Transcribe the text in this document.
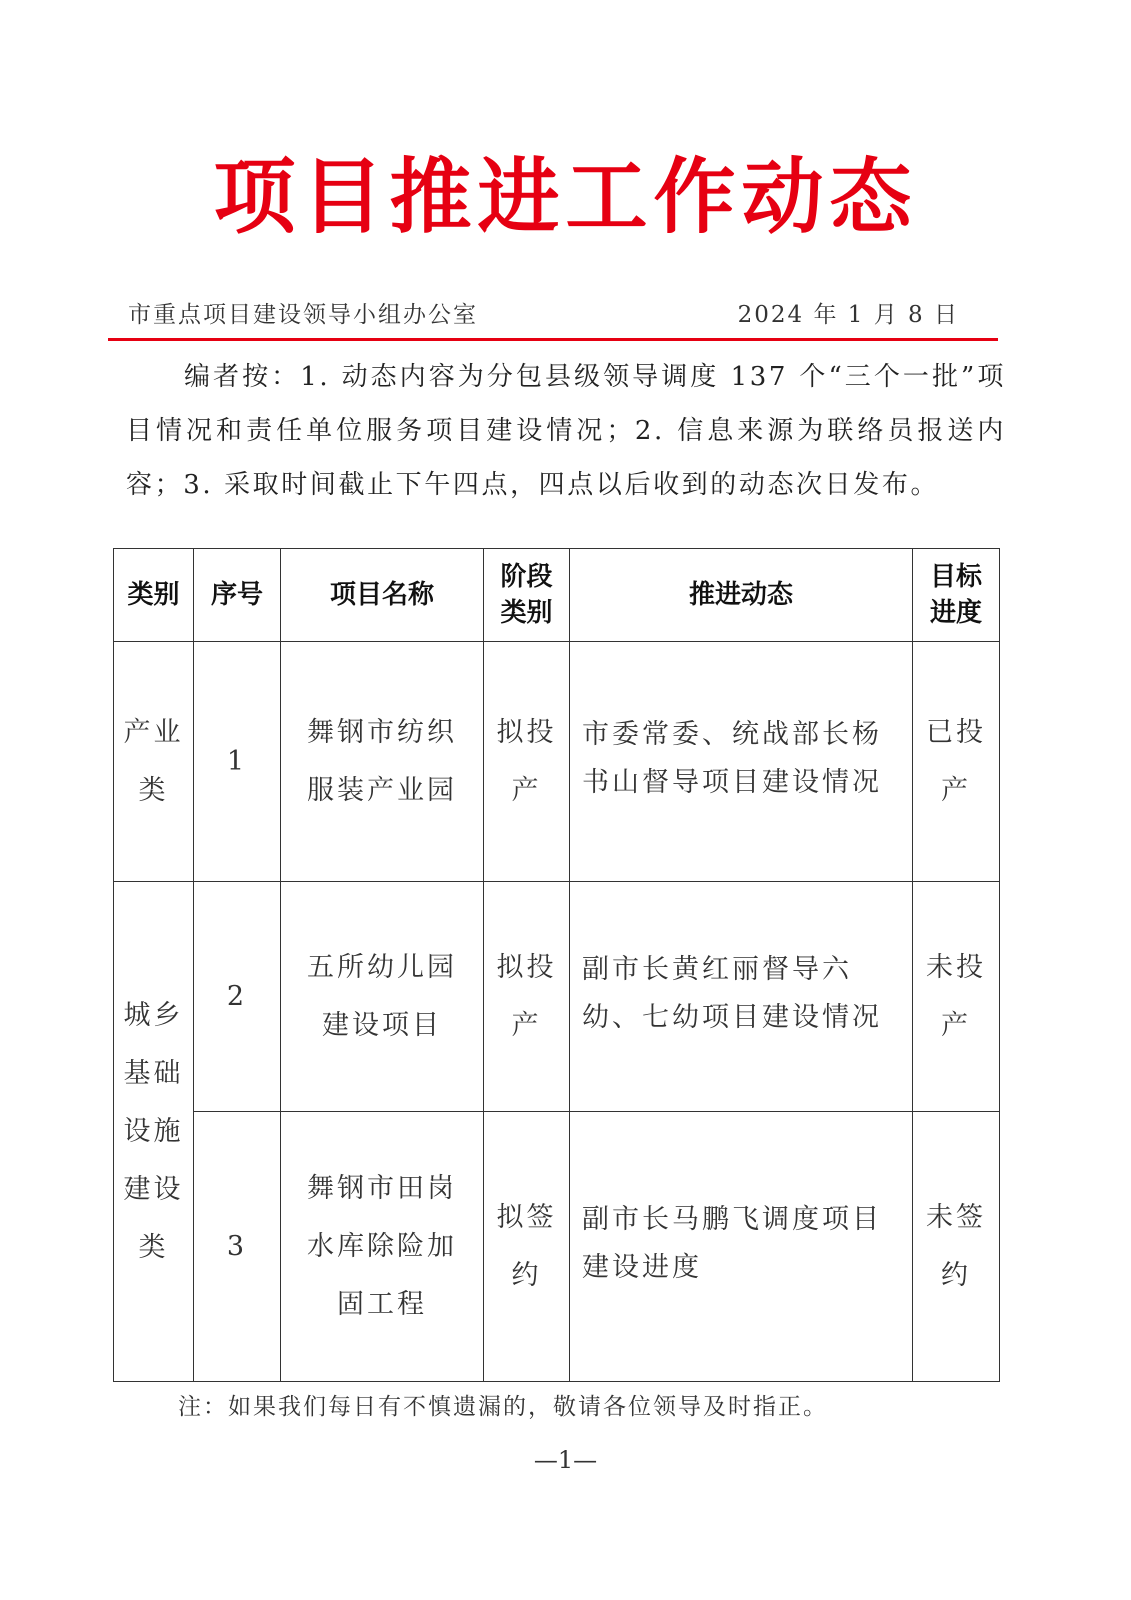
项目推进工作动态
市重点项目建设领导小组办公室	2024 年 1 月 8 日

编者按：1. 动态内容为分包县级领导调度 137 个“三个一批”项目情况和责任单位服务项目建设情况；2. 信息来源为联络员报送内容；3. 采取时间截止下午四点，四点以后收到的动态次日发布。

类别	序号	项目名称	阶段类别	推进动态	目标进度
产业类	1	舞钢市纺织服装产业园	拟投产	市委常委、统战部长杨书山督导项目建设情况	已投产
城乡基础设施建设类	2	五所幼儿园建设项目	拟投产	副市长黄红丽督导六幼、七幼项目建设情况	未投产
	3	舞钢市田岗水库除险加固工程	拟签约	副市长马鹏飞调度项目建设进度	未签约
注：如果我们每日有不慎遗漏的，敬请各位领导及时指正。
—1—
